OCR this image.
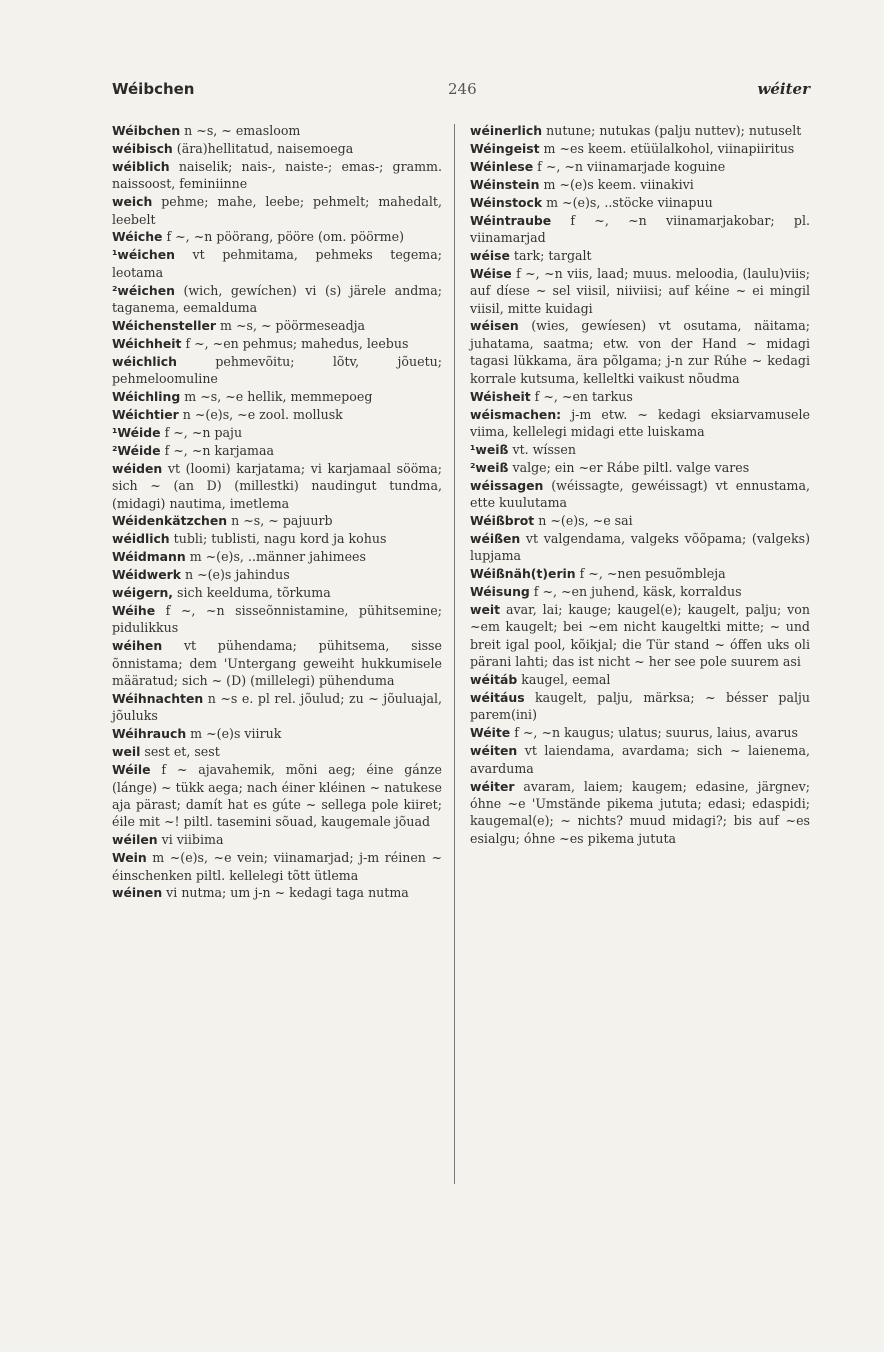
Wéibchen	246	wéiter
Wéibchen n ~s, ~ emasloom
wéibisch (ära)hellitatud, naisemoega
wéiblich naiselik; nais-, naiste-; emas-; gramm. naissoost, feminiinne
weich pehme; mahe, leebe; pehmelt; mahedalt, leebelt
Wéiche f ~, ~n pöörang, pööre (om. pöörme)
¹wéichen vt pehmitama, pehmeks tegema; leotama
²wéichen (wich, gewíchen) vi (s) järele andma; taganema, eemalduma
Wéichensteller m ~s, ~ pöörmeseadja
Wéichheit f ~, ~en pehmus; mahedus, leebus
wéichlich	pehmevõitu; lõtv, jõuetu; pehmeloomuline
Wéichling m ~s, ~e hellik, memmepoeg
Wéichtier n ~(e)s, ~e zool. mollusk
¹Wéide f ~, ~n paju
²Wéide f ~, ~n karjamaa
wéiden vt (loomi) karjatama; vi karjamaal sööma; sich ~ (an D) (millestki) naudingut tundma, (midagi) nautima, imetlema
Wéidenkätzchen n ~s, ~ pajuurb
wéidlich tubli; tublisti, nagu kord ja kohus
Wéidmann m ~(e)s, ..männer jahimees
Wéidwerk n ~(e)s jahindus
wéigern, sich keelduma, tõrkuma
Wéihe f ~, ~n sisseõnnistamine, pühitsemine; pidulikkus
wéihen vt pühendama; pühitsema, sisse õnnistama; dem 'Untergang geweiht hukkumisele määratud; sich ~ (D) (millelegi) pühenduma
Wéihnachten n ~s e. pl rel. jõulud; zu ~ jõuluajal, jõuluks
Wéihrauch m ~(e)s viiruk
weil sest et, sest
Wéile f ~ ajavahemik, mõni aeg; éine gánze (lánge) ~ tükk aega; nach éiner kléinen ~ natukese aja pärast; damít hat es gúte ~ sellega pole kiiret; éile mit ~! piltl. tasemini sõuad, kaugemale jõuad
wéilen vi viibima
Wein m ~(e)s, ~e vein; viinamarjad; j-m réinen ~ éinschenken piltl. kellelegi tõtt ütlema
wéinen vi nutma; um j-n ~ kedagi taga nutma
wéinerlich nutune; nutukas (palju nuttev); nutuselt
Wéingeist m ~es keem. etüülalkohol, viinapiiritus
Wéinlese f ~, ~n viinamarjade koguine
Wéinstein m ~(e)s keem. viinakivi
Wéinstock m ~(e)s, ..stöcke viinapuu
Wéintraube f ~, ~n viinamarjakobar; pl. viinamarjad
wéise tark; targalt
Wéise f ~, ~n viis, laad; muus. meloodia, (laulu)viis; auf díese ~ sel viisil, niiviisi; auf kéine ~ ei mingil viisil, mitte kuidagi
wéisen (wies, gewíesen) vt osutama, näitama; juhatama, saatma; etw. von der Hand ~ midagi tagasi lükkama, ära põlgama; j-n zur Rúhe ~ kedagi korrale kutsuma, kelleltki vaikust nõudma
Wéisheit f ~, ~en tarkus
wéismachen: j-m etw. ~ kedagi eksiarvamusele viima, kellelegi midagi ette luiskama
¹weiß vt. wíssen
²weiß valge; ein ~er Rábe piltl. valge vares
wéissagen (wéissagte, gewéissagt) vt ennustama, ette kuulutama
Wéißbrot n ~(e)s, ~e sai
wéißen vt valgendama, valgeks võõpama; (valgeks) lupjama
Wéißnäh(t)erin f ~, ~nen pesuõmbleja
Wéisung f ~, ~en juhend, käsk, korraldus
weit avar, lai; kauge; kaugel(e); kaugelt, palju; von ~em kaugelt; bei ~em nicht kaugeltki mitte; ~ und breit igal pool, kõikjal; die Tür stand ~ óffen uks oli pärani lahti; das ist nicht ~ her see pole suurem asi
wéitáb kaugel, eemal
wéitáus kaugelt, palju, märksa; ~ bésser palju parem(ini)
Wéite f ~, ~n kaugus; ulatus; suurus, laius, avarus
wéiten vt laiendama, avardama; sich ~ laienema, avarduma
wéiter avaram, laiem; kaugem; edasine, järgnev; óhne ~e 'Umstände pikema jututa; edasi; edaspidi; kaugemal(e); ~ nichts? muud midagi?; bis auf ~es esialgu; óhne ~es pikema jututa
